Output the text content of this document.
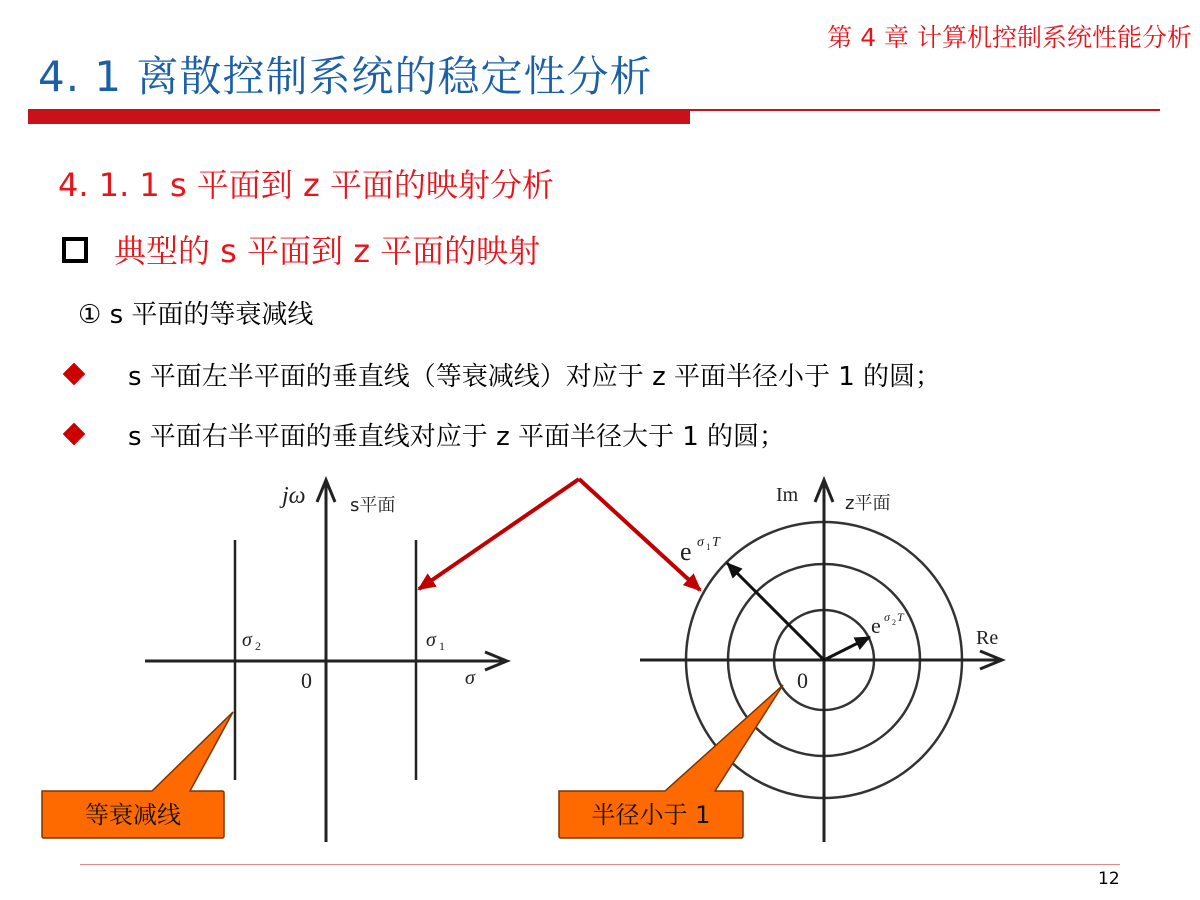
第 4 章 计算机控制系统性能分析
4. 1 离散控制系统的稳定性分析
4. 1. 1 s 平面到 z 平面的映射分析
典型的 s 平面到 z 平面的映射
① s 平面的等衰减线
s 平面左半平面的垂直线（等衰减线）对应于 z 平面半径小于 1 的圆；
s 平面右半平面的垂直线对应于 z 平面半径大于 1 的圆；
jω s平面
σ 2	σ 1
0	σ
Im	z平面
Re
0
e σ 1 T
e σ 2 T
等衰减线	半径小于 1
12
